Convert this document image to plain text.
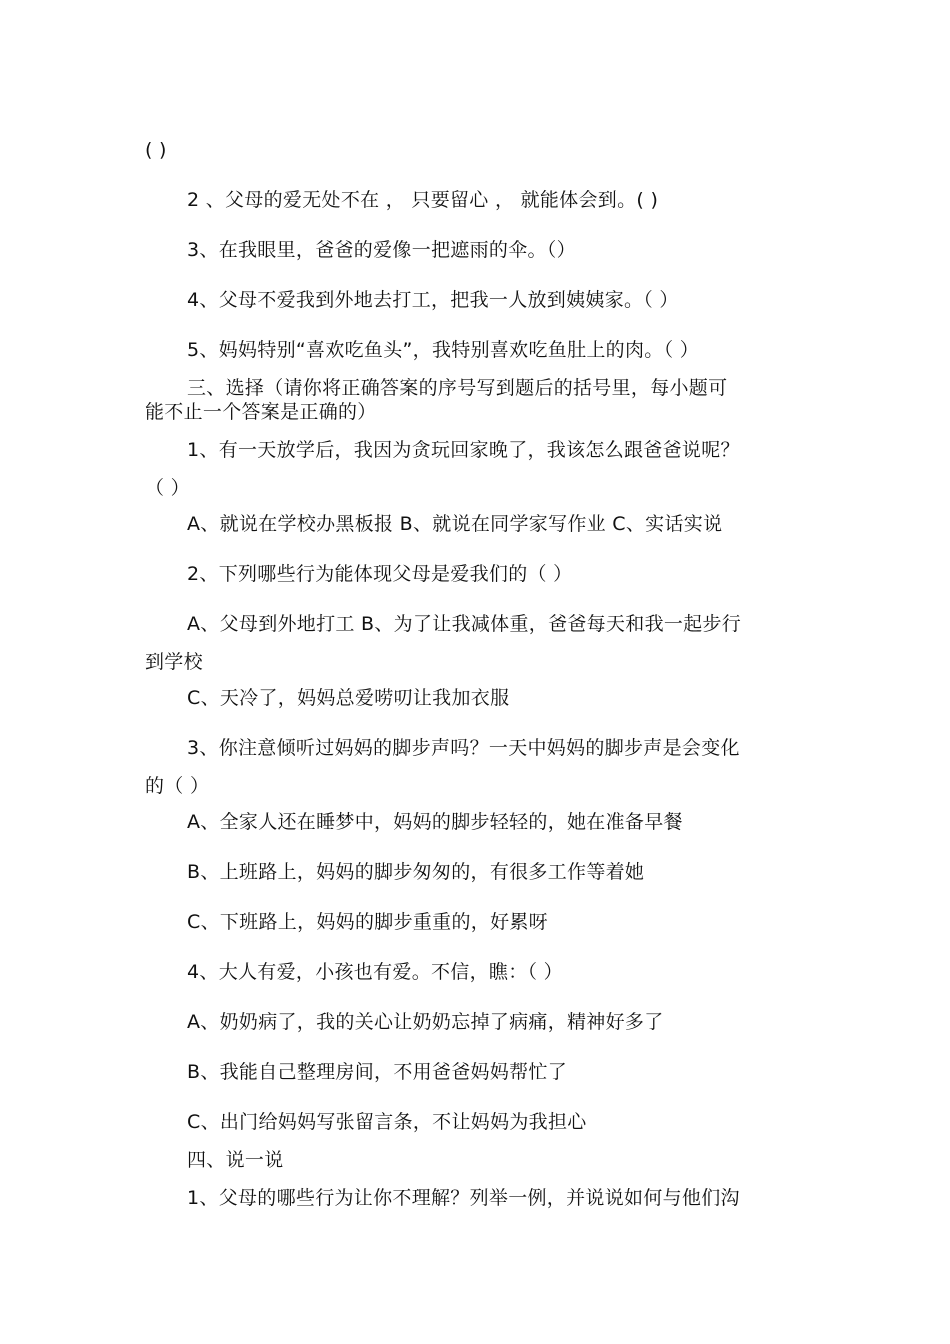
( )
2 、父母的爱无处不在 ， 只要留心 ， 就能体会到。( )
3、在我眼里，爸爸的爱像一把遮雨的伞。（）
4、父母不爱我到外地去打工，把我一人放到姨姨家。（ ）
5、妈妈特别“喜欢吃鱼头”，我特别喜欢吃鱼肚上的肉。（ ）
三、选择（请你将正确答案的序号写到题后的括号里，每小题可
能不止一个答案是正确的）
1、有一天放学后，我因为贪玩回家晚了，我该怎么跟爸爸说呢？
（ ）
A、就说在学校办黑板报 B、就说在同学家写作业 C、实话实说
2、下列哪些行为能体现父母是爱我们的（ ）
A、父母到外地打工 B、为了让我减体重，爸爸每天和我一起步行
到学校
C、天冷了，妈妈总爱唠叨让我加衣服
3、你注意倾听过妈妈的脚步声吗？一天中妈妈的脚步声是会变化
的（ ）
A、全家人还在睡梦中，妈妈的脚步轻轻的，她在准备早餐
B、上班路上，妈妈的脚步匆匆的，有很多工作等着她
C、下班路上，妈妈的脚步重重的，好累呀
4、大人有爱，小孩也有爱。不信，瞧：（ ）
A、奶奶病了，我的关心让奶奶忘掉了病痛，精神好多了
B、我能自己整理房间，不用爸爸妈妈帮忙了
C、出门给妈妈写张留言条，不让妈妈为我担心
四、说一说
1、父母的哪些行为让你不理解？列举一例，并说说如何与他们沟
